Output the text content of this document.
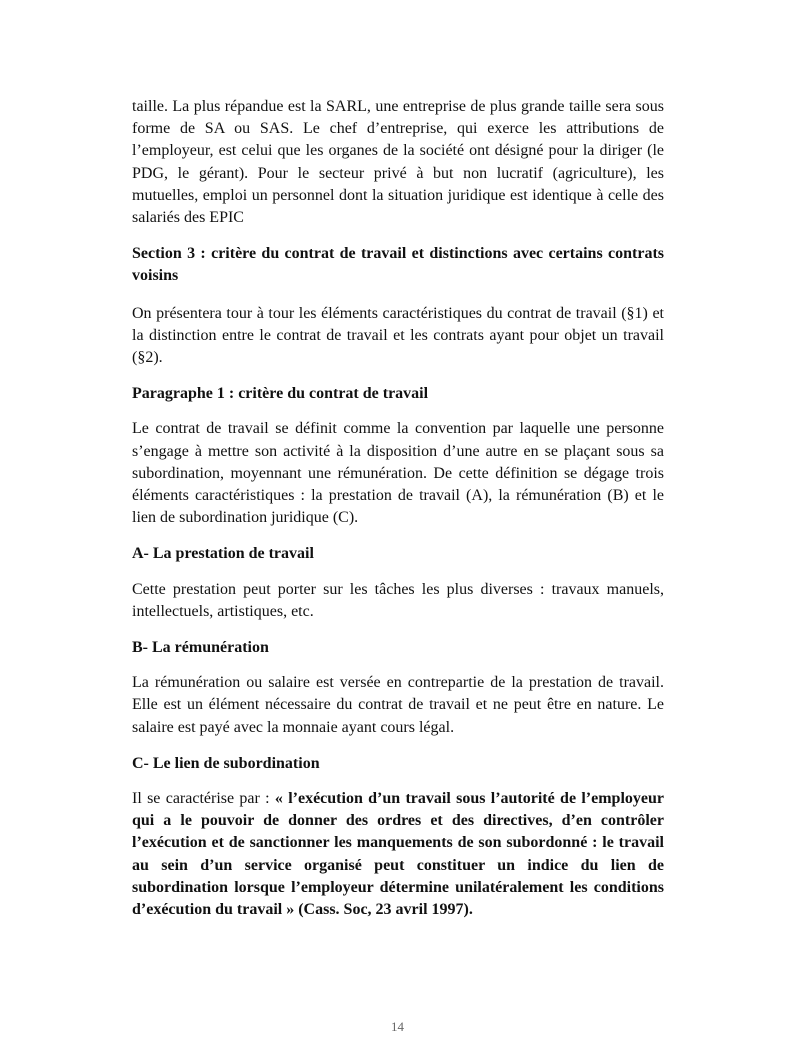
taille. La plus répandue est la SARL, une entreprise de plus grande taille sera sous forme de SA ou SAS. Le chef d’entreprise, qui exerce les attributions de l’employeur, est celui que les organes de la société ont désigné pour la diriger (le PDG, le gérant). Pour le secteur privé à but non lucratif (agriculture), les mutuelles, emploi un personnel dont la situation juridique est identique à celle des salariés des EPIC

Section 3 : critère du contrat de travail et distinctions avec certains contrats voisins

On présentera tour à tour les éléments caractéristiques du contrat de travail (§1) et la distinction entre le contrat de travail et les contrats ayant pour objet un travail (§2).

Paragraphe 1 : critère du contrat de travail

Le contrat de travail se définit comme la convention par laquelle une personne s’engage à mettre son activité à la disposition d’une autre en se plaçant sous sa subordination, moyennant une rémunération. De cette définition se dégage trois éléments caractéristiques : la prestation de travail (A), la rémunération (B) et le lien de subordination juridique (C).

A- La prestation de travail

Cette prestation peut porter sur les tâches les plus diverses : travaux manuels, intellectuels, artistiques, etc.

B- La rémunération

La rémunération ou salaire est versée en contrepartie de la prestation de travail. Elle est un élément nécessaire du contrat de travail et ne peut être en nature. Le salaire est payé avec la monnaie ayant cours légal.

C- Le lien de subordination

Il se caractérise par : « l’exécution d’un travail sous l’autorité de l’employeur qui a le pouvoir de donner des ordres et des directives, d’en contrôler l’exécution et de sanctionner les manquements de son subordonné : le travail au sein d’un service organisé peut constituer un indice du lien de subordination lorsque l’employeur détermine unilatéralement les conditions d’exécution du travail » (Cass. Soc, 23 avril 1997).

14
